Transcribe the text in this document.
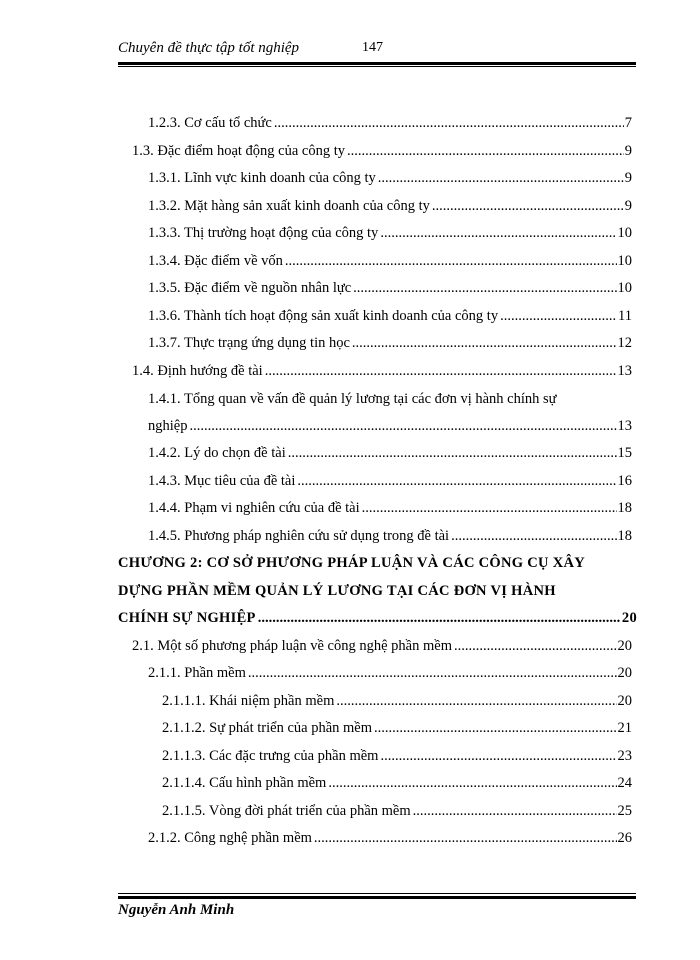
Chuyên đề thực tập tốt nghiệp	147
1.2.3. Cơ cấu tổ chức .....	7
1.3. Đặc điểm hoạt động của công ty .....	9
1.3.1. Lĩnh vực kinh doanh của công ty .....	9
1.3.2. Mặt hàng sản xuất kinh doanh của công ty .....	9
1.3.3. Thị trường hoạt động của công ty .....	10
1.3.4. Đặc điểm về vốn .....	10
1.3.5. Đặc điểm về nguồn nhân lực .....	10
1.3.6. Thành tích hoạt động sản xuất kinh doanh của công ty .....	11
1.3.7. Thực trạng ứng dụng tin học .....	12
1.4. Định hướng đề tài .....	13
1.4.1. Tổng quan về vấn đề quản lý lương tại các đơn vị hành chính sự
nghiệp .....	13
1.4.2. Lý do chọn đề tài .....	15
1.4.3. Mục tiêu của đề tài .....	16
1.4.4. Phạm vi nghiên cứu của đề tài .....	18
1.4.5. Phương pháp nghiên cứu sử dụng trong đề tài .....	18
CHƯƠNG 2: CƠ SỞ PHƯƠNG PHÁP LUẬN VÀ CÁC CÔNG CỤ XÂY
DỰNG PHẦN MỀM QUẢN LÝ LƯƠNG TẠI CÁC ĐƠN VỊ HÀNH
CHÍNH SỰ NGHIỆP .....	20
2.1. Một số phương pháp luận về công nghệ phần mềm .....	20
2.1.1. Phần mềm .....	20
2.1.1.1. Khái niệm phần mềm .....	20
2.1.1.2. Sự phát triển của phần mềm .....	21
2.1.1.3. Các đặc trưng của phần mềm .....	23
2.1.1.4. Cấu hình phần mềm .....	24
2.1.1.5. Vòng đời phát triển của phần mềm .....	25
2.1.2. Công nghệ phần mềm .....	26
Nguyễn Anh Minh
